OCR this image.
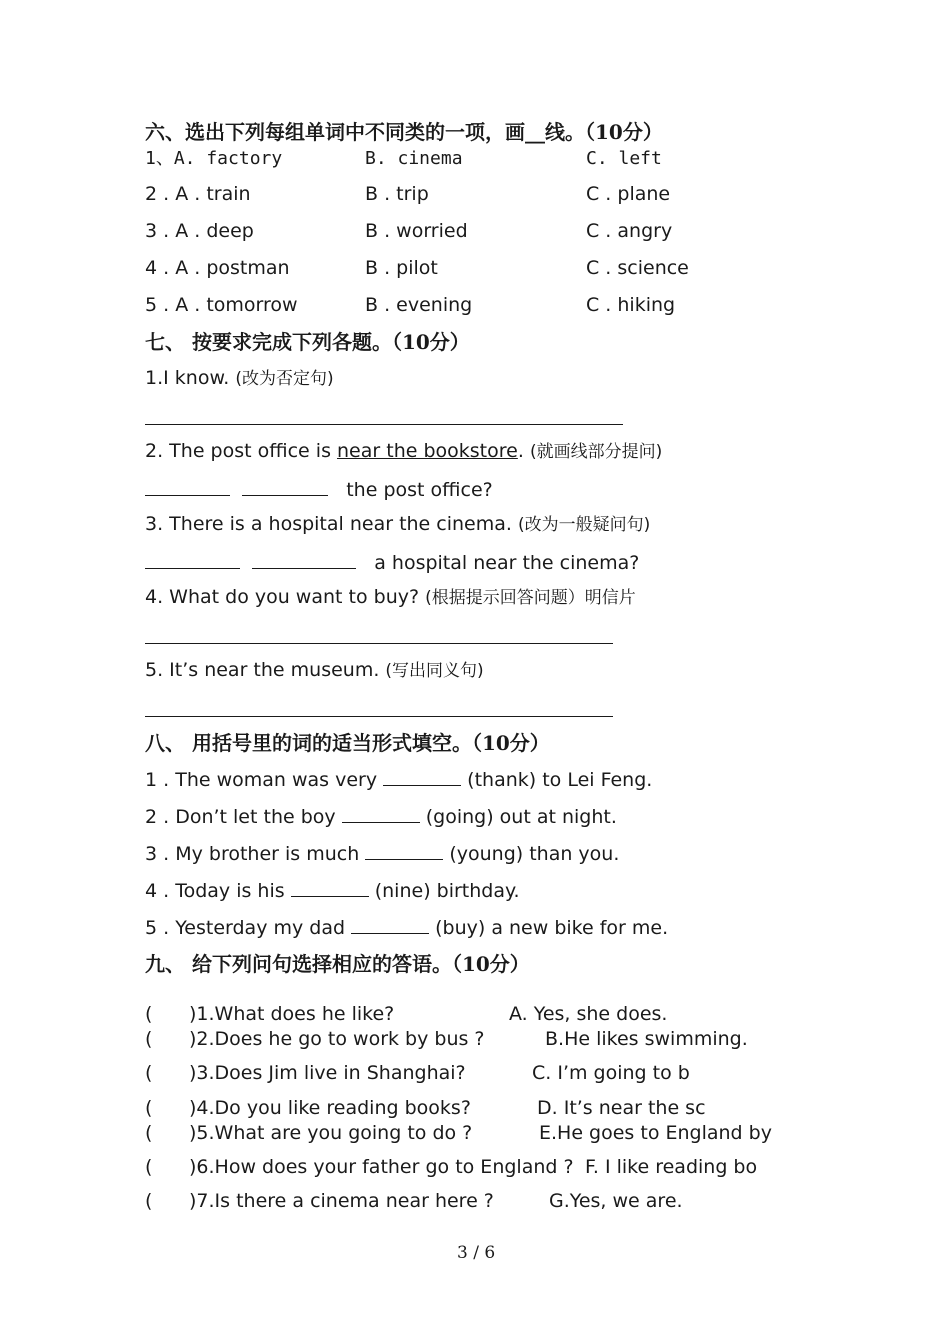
六、选出下列每组单词中不同类的一项，画__线。（10分）
1、A. factory	B. cinema	C. left
2 . A . train	B . trip	C . plane
3 . A . deep	B . worried	C . angry
4 . A . postman	B . pilot	C . science
5 . A . tomorrow	B . evening	C . hiking
七、 按要求完成下列各题。（10分）
1.I know. (改为否定句)
2. The post office is near the bookstore. (就画线部分提问)
the post office?
3. There is a hospital near the cinema. (改为一般疑问句)
a hospital near the cinema?
4. What do you want to buy? (根据提示回答问题）明信片
5. It’s near the museum. (写出同义句)
八、 用括号里的词的适当形式填空。（10分）
1 . The woman was very	(thank) to Lei Feng.
2 . Don’t let the boy	(going) out at night.
3 . My brother is much	(young) than you.
4 . Today is his	(nine) birthday.
5 . Yesterday my dad	(buy) a new bike for me.
九、 给下列问句选择相应的答语。（10分）
( )1.What does he like?	A. Yes, she does.
( )2.Does he go to work by bus ?	B.He likes swimming.
( )3.Does Jim live in Shanghai?	C. I’m going to b
( )4.Do you like reading books?	D. It’s near the sc
( )5.What are you going to do ?	E.He goes to England by
( )6.How does your father go to England ? F. I like reading bo
( )7.Is there a cinema near here ?	G.Yes, we are.
3 / 6
